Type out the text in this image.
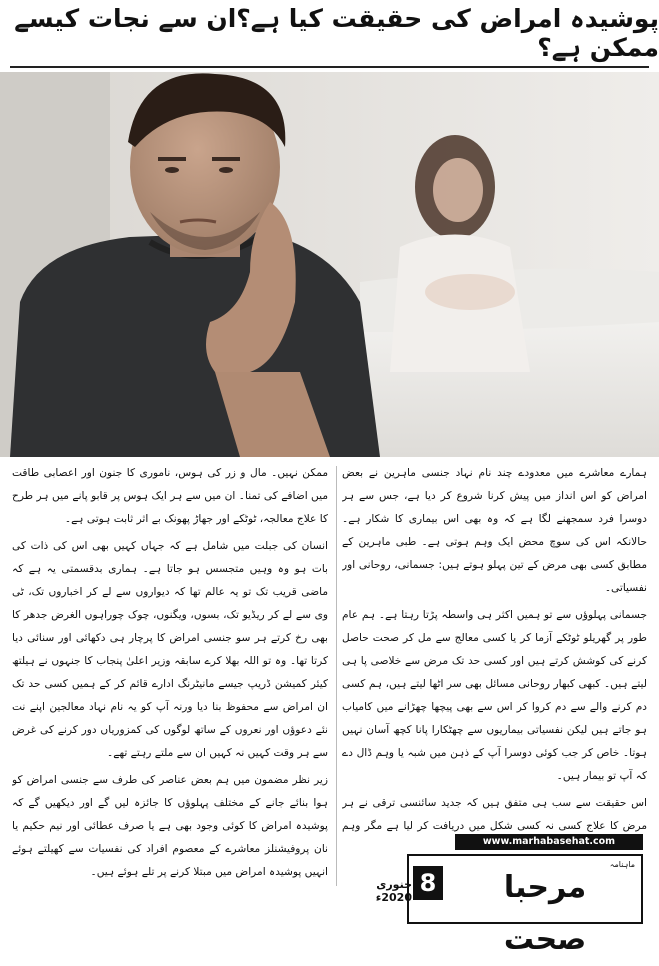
پوشیدہ امراض کی حقیقت کیا ہے؟ان سے نجات کیسے ممکن ہے؟

ہمارے معاشرے میں معدودے چند نام نہاد جنسی ماہرین نے بعض امراض کو اس انداز میں پیش کرنا شروع کر دیا ہے، جس سے ہر دوسرا فرد سمجھنے لگا ہے کہ وہ بھی اس بیماری کا شکار ہے۔ حالانکہ اس کی سوچ محض ایک وہم ہوتی ہے۔ طبی ماہرین کے مطابق کسی بھی مرض کے تین پہلو ہوتے ہیں: جسمانی، روحانی اور نفسیاتی۔

جسمانی پہلوؤں سے تو ہمیں اکثر ہی واسطہ پڑتا رہتا ہے۔ ہم عام طور پر گھریلو ٹوٹکے آزما کر یا کسی معالج سے مل کر صحت حاصل کرنے کی کوشش کرتے ہیں اور کسی حد تک مرض سے خلاصی پا ہی لیتے ہیں۔ کبھی کبھار روحانی مسائل بھی سر اٹھا لیتے ہیں، ہم کسی دم کرنے والے سے دم کروا کر اس سے بھی پیچھا چھڑانے میں کامیاب ہو جاتے ہیں لیکن نفسیاتی بیماریوں سے چھٹکارا پانا کچھ آسان نہیں ہوتا۔ خاص کر جب کوئی دوسرا آپ کے ذہن میں شبہ یا وہم ڈال دے کہ آپ تو بیمار ہیں۔

اس حقیقت سے سب ہی متفق ہیں کہ جدید سائنسی ترقی نے ہر مرض کا علاج کسی نہ کسی شکل میں دریافت کر لیا ہے مگر وہم

ممکن نہیں۔ مال و زر کی ہوس، ناموری کا جنون اور اعصابی طاقت میں اضافے کی تمنا۔ ان میں سے ہر ایک ہوس پر قابو پانے میں ہر طرح کا علاج معالجہ، ٹوٹکے اور جھاڑ پھونک بے اثر ثابت ہوتی ہے۔

انسان کی جبلت میں شامل ہے کہ جہاں کہیں بھی اس کی ذات کی بات ہو وہ وہیں متجسس ہو جاتا ہے۔ ہماری بدقسمتی یہ ہے کہ ماضی قریب تک تو یہ عالم تھا کہ دیواروں سے لے کر اخباروں تک، ٹی وی سے لے کر ریڈیو تک، بسوں، ویگنوں، چوک چوراہوں الغرض جدھر کا بھی رخ کرتے ہر سو جنسی امراض کا پرچار ہی دکھائی اور سنائی دیا کرتا تھا۔ وہ تو اللہ بھلا کرے سابقہ وزیر اعلیٰ پنجاب کا جنہوں نے ہیلتھ کیئر کمیشن ڈریپ جیسے مانیٹرنگ ادارے قائم کر کے ہمیں کسی حد تک ان امراض سے محفوظ بنا دیا ورنہ آپ کو یہ نام نہاد معالجین اپنے نت نئے دعوؤں اور نعروں کے ساتھ لوگوں کی کمزوریاں دور کرنے کی غرض سے ہر وقت کہیں نہ کہیں ان سے ملتے رہتے تھے۔

زیر نظر مضمون میں ہم بعض عناصر کی طرف سے جنسی امراض کو ہوا بنائے جانے کے مختلف پہلوؤں کا جائزہ لیں گے اور دیکھیں گے کہ پوشیدہ امراض کا کوئی وجود بھی ہے یا صرف عطائی اور نیم حکیم یا نان پروفیشنلز معاشرے کے معصوم افراد کی نفسیات سے کھیلتے ہوئے انہیں پوشیدہ امراض میں مبتلا کرنے پر تلے ہوئے ہیں۔

www.marhabasehat.com
ماہنامہ
مرحبا صحت
8
جنوری 2020ء
